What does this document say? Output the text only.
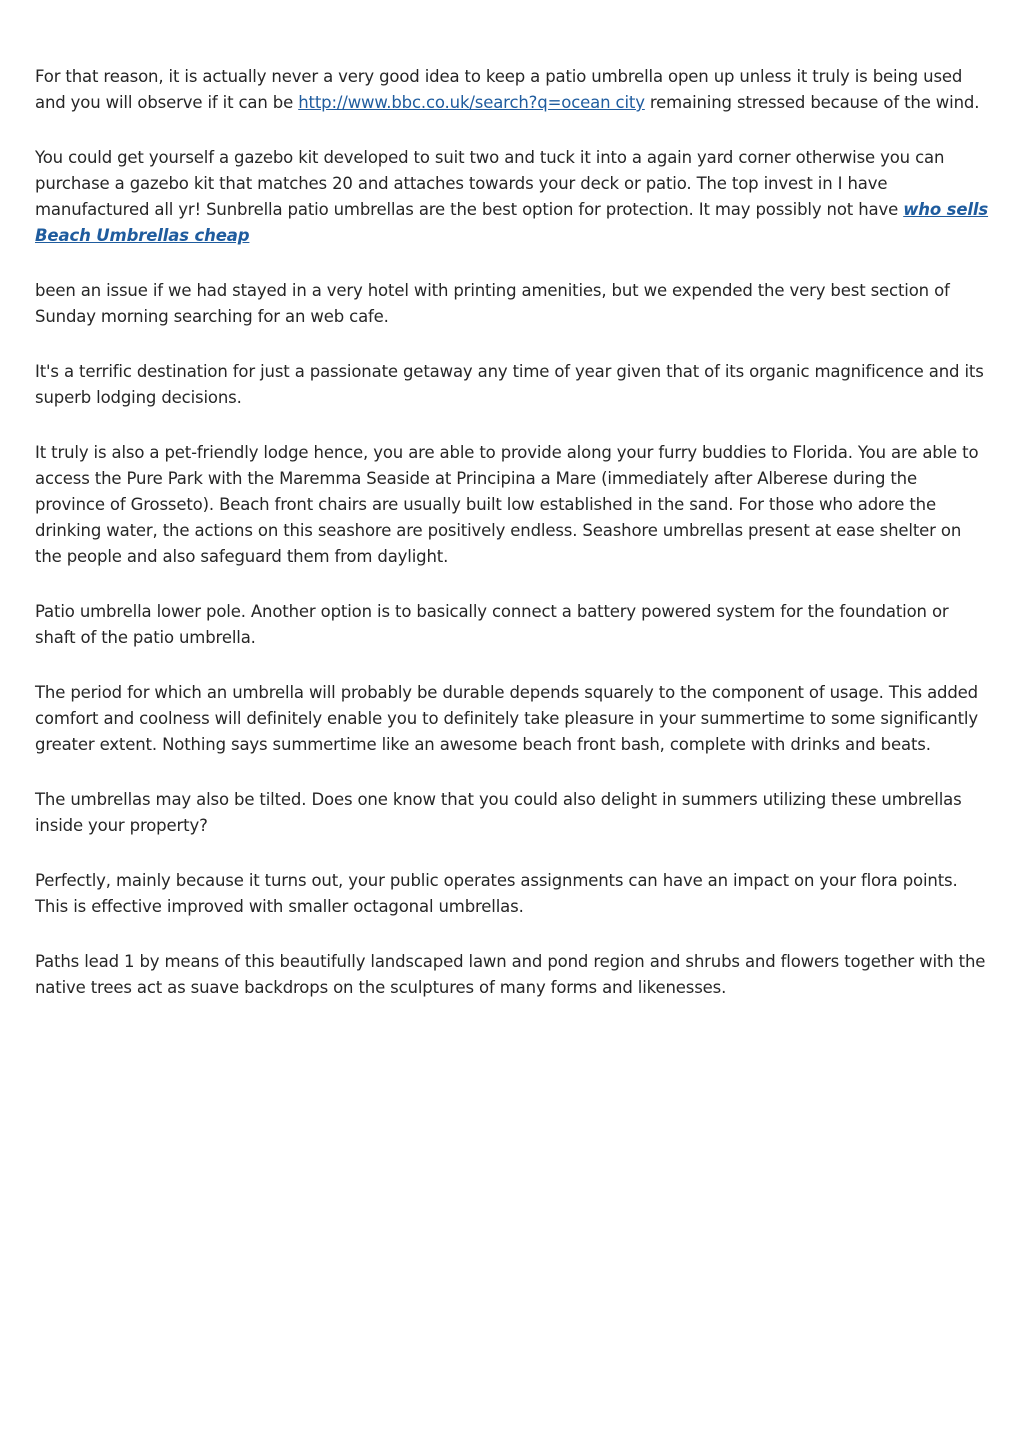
For that reason, it is actually never a very good idea to keep a patio umbrella open up unless it truly is being used and you will observe if it can be http://www.bbc.co.uk/search?q=ocean city remaining stressed because of the wind.

You could get yourself a gazebo kit developed to suit two and tuck it into a again yard corner otherwise you can purchase a gazebo kit that matches 20 and attaches towards your deck or patio. The top invest in I have manufactured all yr! Sunbrella patio umbrellas are the best option for protection. It may possibly not have who sells Beach Umbrellas cheap

been an issue if we had stayed in a very hotel with printing amenities, but we expended the very best section of Sunday morning searching for an web cafe.

It's a terrific destination for just a passionate getaway any time of year given that of its organic magnificence and its superb lodging decisions.

It truly is also a pet-friendly lodge hence, you are able to provide along your furry buddies to Florida. You are able to access the Pure Park with the Maremma Seaside at Principina a Mare (immediately after Alberese during the province of Grosseto). Beach front chairs are usually built low established in the sand. For those who adore the drinking water, the actions on this seashore are positively endless. Seashore umbrellas present at ease shelter on the people and also safeguard them from daylight.

Patio umbrella lower pole. Another option is to basically connect a battery powered system for the foundation or shaft of the patio umbrella.

The period for which an umbrella will probably be durable depends squarely to the component of usage. This added comfort and coolness will definitely enable you to definitely take pleasure in your summertime to some significantly greater extent. Nothing says summertime like an awesome beach front bash, complete with drinks and beats.

The umbrellas may also be tilted. Does one know that you could also delight in summers utilizing these umbrellas inside your property?

Perfectly, mainly because it turns out, your public operates assignments can have an impact on your flora points. This is effective improved with smaller octagonal umbrellas.

Paths lead 1 by means of this beautifully landscaped lawn and pond region and shrubs and flowers together with the native trees act as suave backdrops on the sculptures of many forms and likenesses.
